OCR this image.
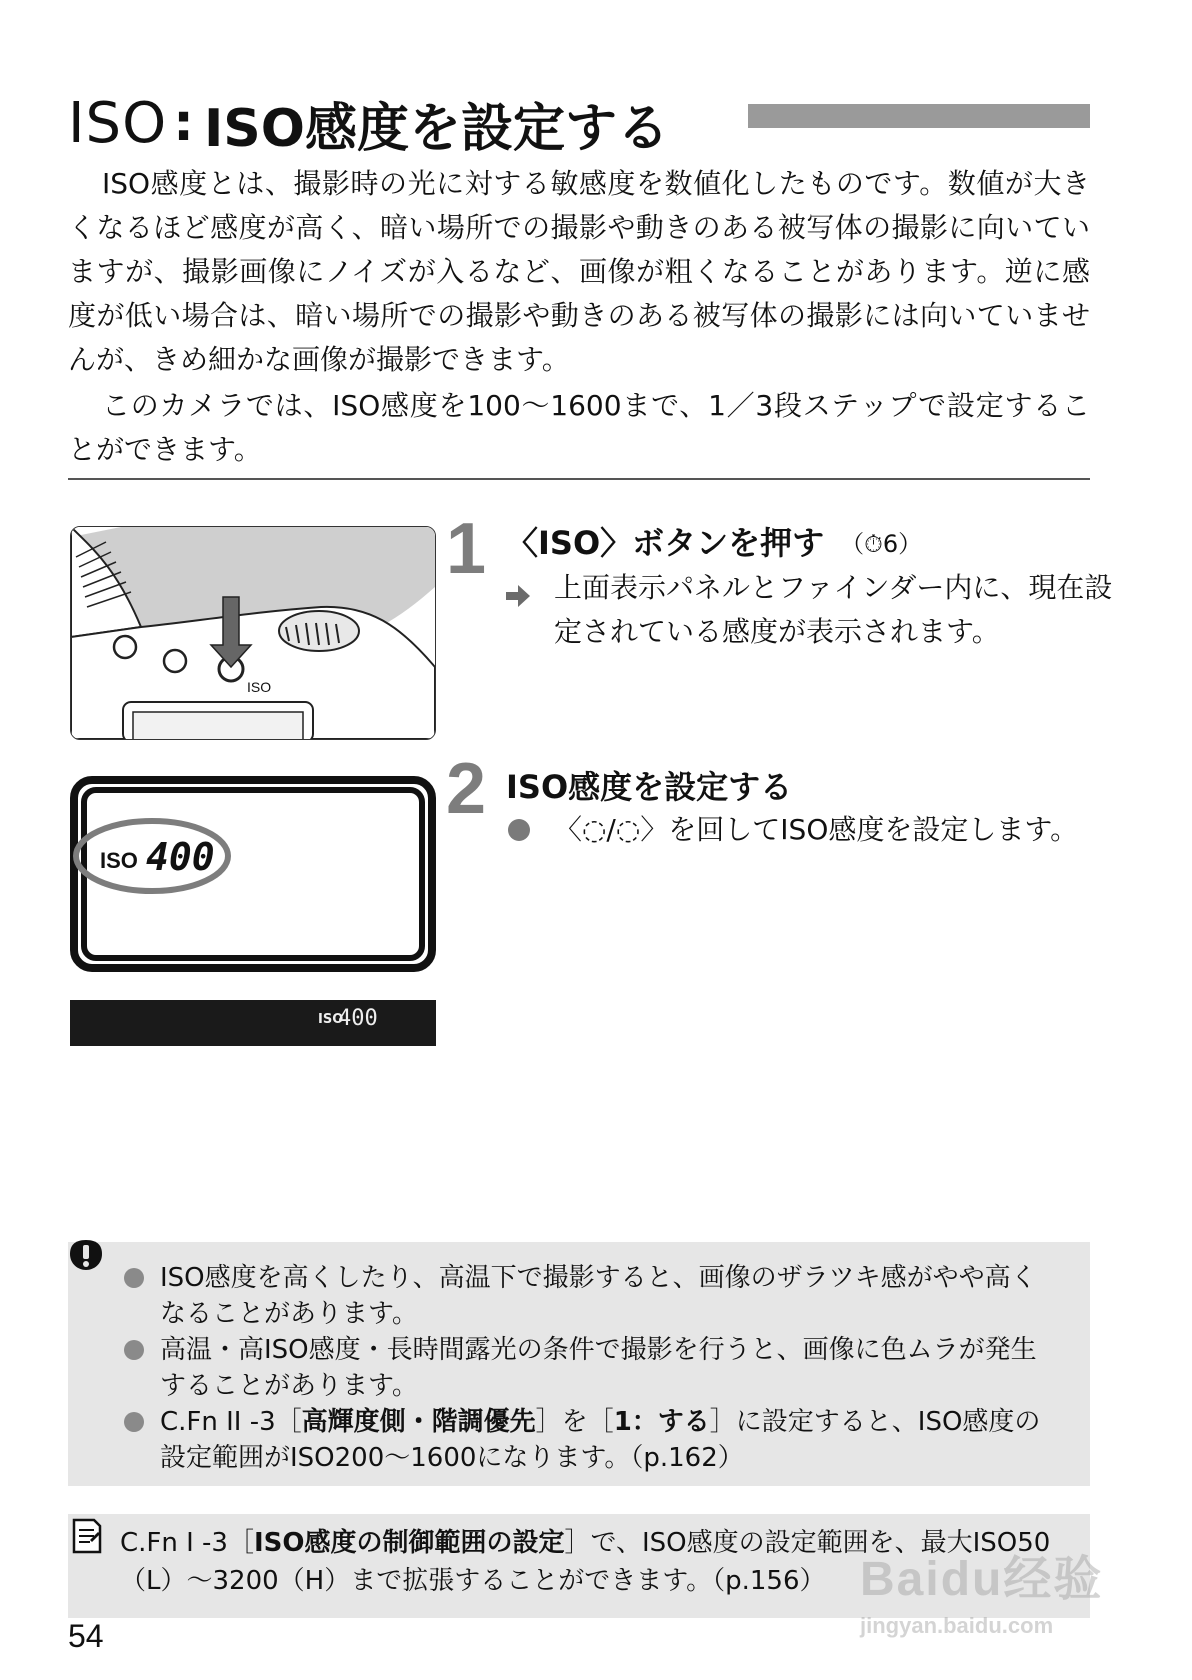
ISO : ISO感度を設定する
ISO感度とは、撮影時の光に対する敏感度を数値化したものです。数値が大きくなるほど感度が高く、暗い場所での撮影や動きのある被写体の撮影に向いていますが、撮影画像にノイズが入るなど、画像が粗くなることがあります。逆に感度が低い場合は、暗い場所での撮影や動きのある被写体の撮影には向いていませんが、きめ細かな画像が撮影できます。
このカメラでは、ISO感度を100〜1600まで、1／3段ステップで設定することができます。
ISO
1 〈ISO〉ボタンを押す （⏱6）
上面表示パネルとファインダー内に、現在設定されている感度が表示されます。
ISO 400
ISO
400
2 ISO感度を設定する
〈◌/◌〉を回してISO感度を設定します。
ISO感度を高くしたり、高温下で撮影すると、画像のザラツキ感がやや高くなることがあります。
高温・高ISO感度・長時間露光の条件で撮影を行うと、画像に色ムラが発生することがあります。
C.Fn II -3［高輝度側・階調優先］を［1：する］に設定すると、ISO感度の設定範囲がISO200〜1600になります。（p.162）
C.Fn I -3［ISO感度の制御範囲の設定］で、ISO感度の設定範囲を、最大ISO50（L）〜3200（H）まで拡張することができます。（p.156）
54
Baidu经验
jingyan.baidu.com
